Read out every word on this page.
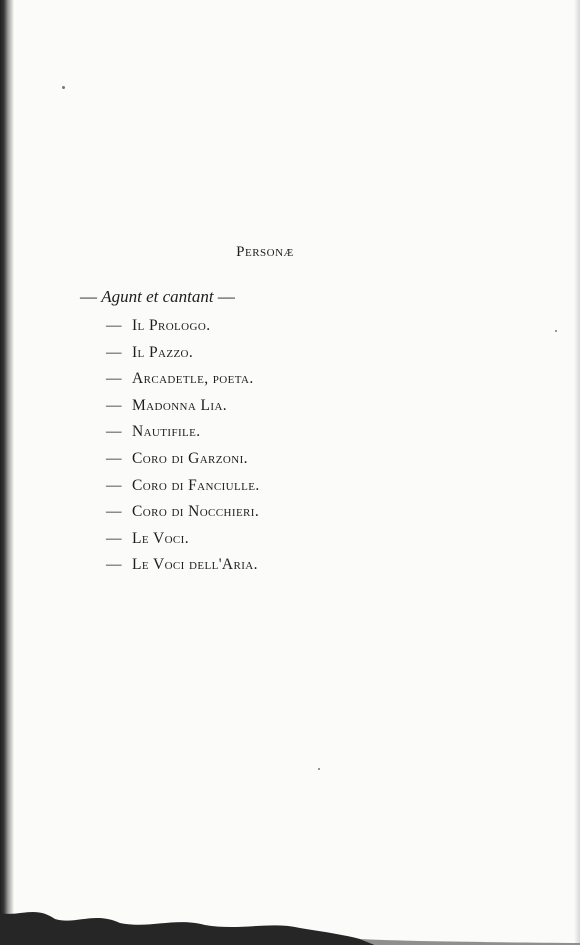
Personæ

— Agunt et cantant —

— Il Prologo.
— Il Pazzo.
— Arcadetle, poeta.
— Madonna Lia.
— Nautifile.
— Coro di Garzoni.
— Coro di Fanciulle.
— Coro di Nocchieri.
— Le Voci.
— Le Voci dell'Aria.
